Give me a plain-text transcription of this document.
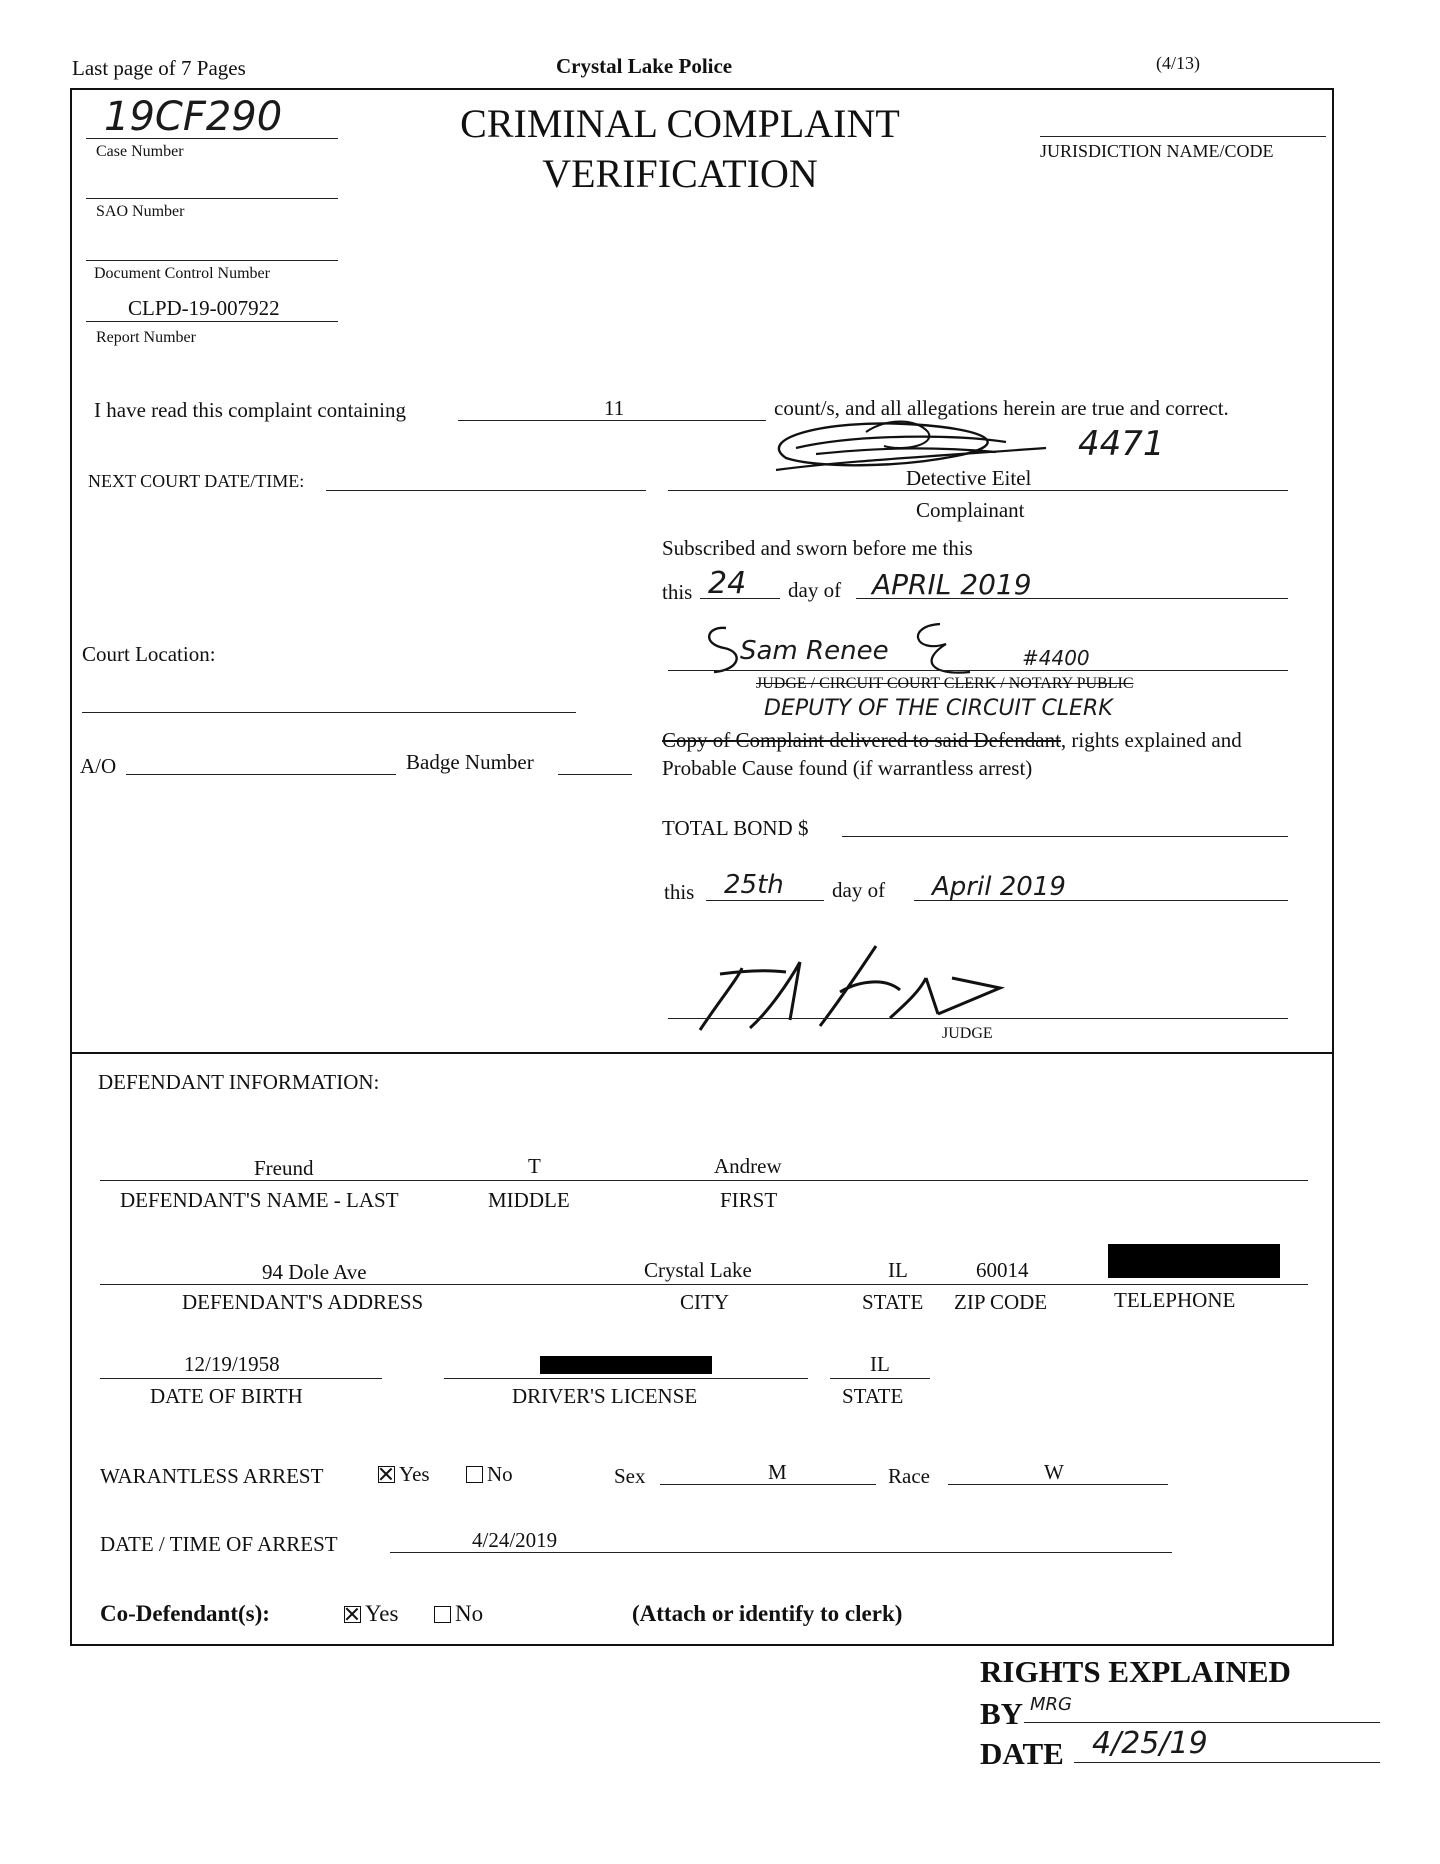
Last page of 7 Pages	Crystal Lake Police	(4/13)
CRIMINAL COMPLAINT
VERIFICATION
19CF290
Case Number
SAO Number
Document Control Number
CLPD-19-007922
Report Number
JURISDICTION NAME/CODE
I have read this complaint containing	11	count/s, and all allegations herein are true and correct.
4471
NEXT COURT DATE/TIME:	Detective Eitel
Complainant
Subscribed and sworn before me this
this 24 day of APRIL 2019
Sam Renee	#4400
JUDGE / CIRCUIT COURT CLERK / NOTARY PUBLIC
DEPUTY OF THE CIRCUIT CLERK
Court Location:
A/O	Badge Number
Copy of Complaint delivered to said Defendant, rights explained and
Probable Cause found (if warrantless arrest)
TOTAL BOND $
this 25th day of April 2019
JUDGE
DEFENDANT INFORMATION:
Freund	T	Andrew
DEFENDANT'S NAME - LAST	MIDDLE	FIRST
94 Dole Ave	Crystal Lake	IL	60014
DEFENDANT'S ADDRESS	CITY	STATE ZIP CODE	TELEPHONE
12/19/1958
DATE OF BIRTH	DRIVER'S LICENSE
IL
STATE
WARANTLESS ARREST	Yes	No	Sex	M	Race	W
DATE / TIME OF ARREST	4/24/2019
Co-Defendant(s):	Yes	No	(Attach or identify to clerk)
RIGHTS EXPLAINED
BY MRG
DATE 4/25/19
